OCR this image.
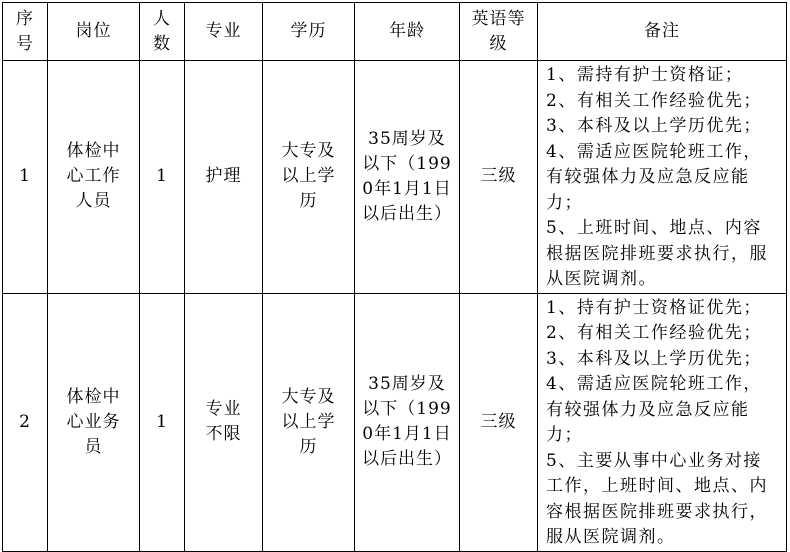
序号	岗位	人数	专业	学历	年龄	英语等级	备注

1	体检中心工作人员	1	护理	大专及以上学历	35周岁及以下（1990年1月1日以后出生）	三级	1、需持有护士资格证；
2、有相关工作经验优先；
3、本科及以上学历优先；
4、需适应医院轮班工作，有较强体力及应急反应能力；
5、上班时间、地点、内容根据医院排班要求执行，服从医院调剂。

2	体检中心业务员	1	专业不限	大专及以上学历	35周岁及以下（1990年1月1日以后出生）	三级	1、持有护士资格证优先；
2、有相关工作经验优先；
3、本科及以上学历优先；
4、需适应医院轮班工作，有较强体力及应急反应能力；
5、主要从事中心业务对接工作，上班时间、地点、内容根据医院排班要求执行，服从医院调剂。
